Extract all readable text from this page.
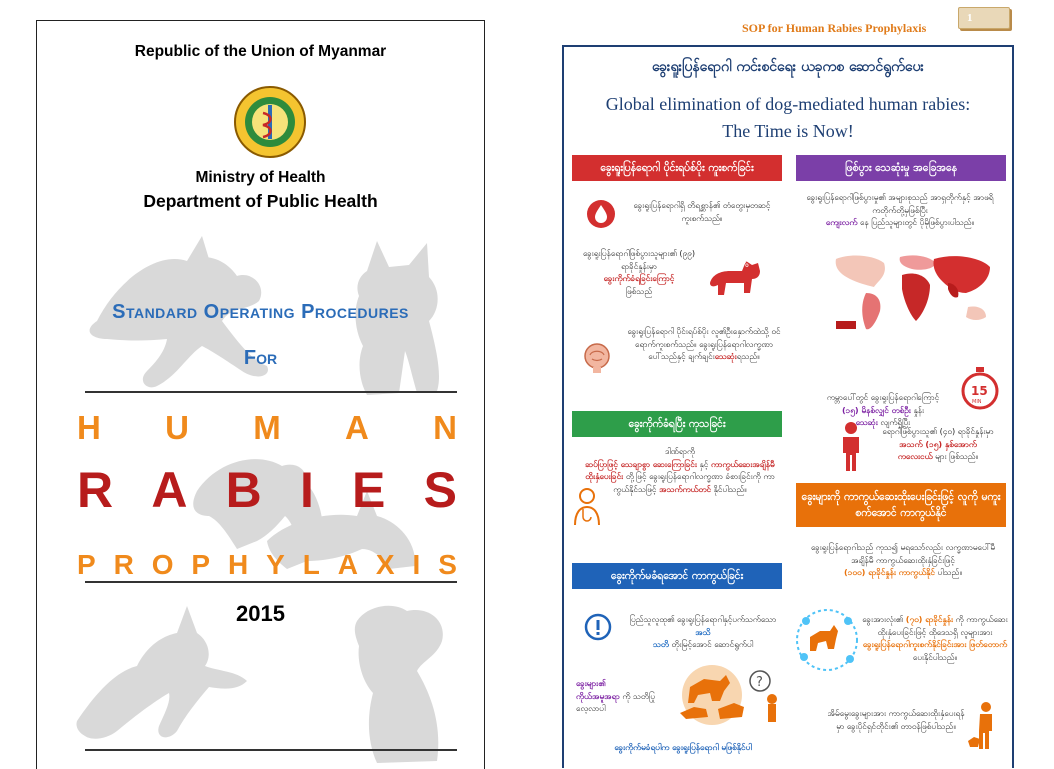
Republic of the Union of Myanmar
Ministry of Health
Department of Public Health
Standard Operating Procedures
For
H U M A N
R A B I E S
P R O P H Y L A X I S
2015
SOP for Human Rabies Prophylaxis
1
ခွေးရူးပြန်ရောဂါ ကင်းစင်ရေး ယခုကစ ဆောင်ရွက်ပေး
Global elimination of dog-mediated human rabies:
The Time is Now!
ခွေးရူးပြန်ရောဂါ ပိုင်းရပ်စ်ပိုး ကူးစက်ခြင်း	ဖြစ်ပွား သေဆုံးမှု အခြေအနေ
ခွေးကိုက်ခံရပြီး ကုသခြင်း
ခွေးကိုက်မခံရအောင် ကာကွယ်ခြင်း
ခွေးများကို ကာကွယ်ဆေးထိုးပေးခြင်းဖြင့် လူကို မကူးစက်အောင် ကာကွယ်နိုင်
ခွေးရူးပြန်ရောဂါရှိ တိရစ္ဆာန်၏ တံတွေးမှတဆင့် ကူးစက်သည်။
ခွေးရူးပြန်ရောဂါဖြစ်ပွားသူများ၏ (၉၉) ရာခိုင်နှုန်းမှာ
ခွေးကိုက်ခံရခြင်းကြောင့်
ဖြစ်သည်
99 %
ခွေးရူးပြန်ရောဂါ ပိုင်းရပ်စ်ပိုး လူ၏ဦးနှောက်ထဲသို့ ဝင်ရောက်ကူးစက်သည်။ ခွေးရူးပြန်ရောဂါလက္ခဏာပေါ်သည်နှင့် ချက်ချင်းသေဆုံးရသည်။
ဒါဏ်ရာကို
ဆပ်ပြာဖြင့် သေချာစွာ ဆေးကြောခြင်း နှင့် ကာကွယ်ဆေးအချိန်မီ ထိုးနှံပေးခြင်း တို့ဖြင့် ခွေးရူးပြန်ရောဂါလက္ခဏာ ခံစားခြင်းကို ကာကွယ်နိုင်သဖြင့် အသက်ကယ်တင် နိုင်ပါသည်။
ပြည်သူလူထု၏ ခွေးရူးပြန်ရောဂါနှင့်ပက်သက်သော အသိ
သတိ တိုးမြင့်အောင် ဆောင်ရွက်ပါ
ခွေးများ၏
ကိုယ်အမူအရာ ကို သတိပြု လေ့လာပါ
?
ခွေးကိုက်မခံရပါက ခွေးရူးပြန်ရောဂါ မဖြစ်နိုင်ပါ
ခွေးရူးပြန်ရောဂါဖြစ်ပွားမှု၏ အများစုသည် အာရှတိုက်နှင့် အာဖရိကတိုက်တို့မှဖြစ်ပြီး
ကျေးလက် နေ ပြည်သူများတွင် ပိုမိုဖြစ်ပွားပါသည်။
ကမ္ဘာပေါ်တွင် ခွေးရူးပြန်ရောဂါကြောင့်
(၁၅) မိနစ်လျှင် တစ်ဦး နှုန်း
သေဆုံး လျက်ရှိပြီး
15
MIN
ရောဂါဖြစ်ပွားသူ၏ (၄၀) ရာခိုင်နှုန်းမှာ
အသက် (၁၅) နှစ်အောက်
ကလေးငယ် များ ဖြစ်သည်။
ခွေးရူးပြန်ရောဂါသည် ကုသ၍ မရသော်လည်း လက္ခဏာမပေါ်မီ အချိန်မီ ကာကွယ်ဆေးထိုးနှံခြင်းဖြင့်
(၁၀၀) ရာခိုင်နှုန်း ကာကွယ်နိုင် ပါသည်။
ခွေးအားလုံး၏ (၇၀) ရာခိုင်နှုန်း ကို ကာကွယ်ဆေးထိုးနှံပေးခြင်းဖြင့် ထိုဒေသရှိ လူများအား
ခွေးရူးပြန်ရောဂါကူးစက်နိုင်ခြင်းအား ဖြတ်တောက် ပေးနိုင်ပါသည်။
အိမ်မွေးခွေးများအား ကာကွယ်ဆေးထိုးနှံပေးရန်မှာ ခွေးပိုင်ရှင်တိုင်း၏ တာဝန်ဖြစ်ပါသည်။
